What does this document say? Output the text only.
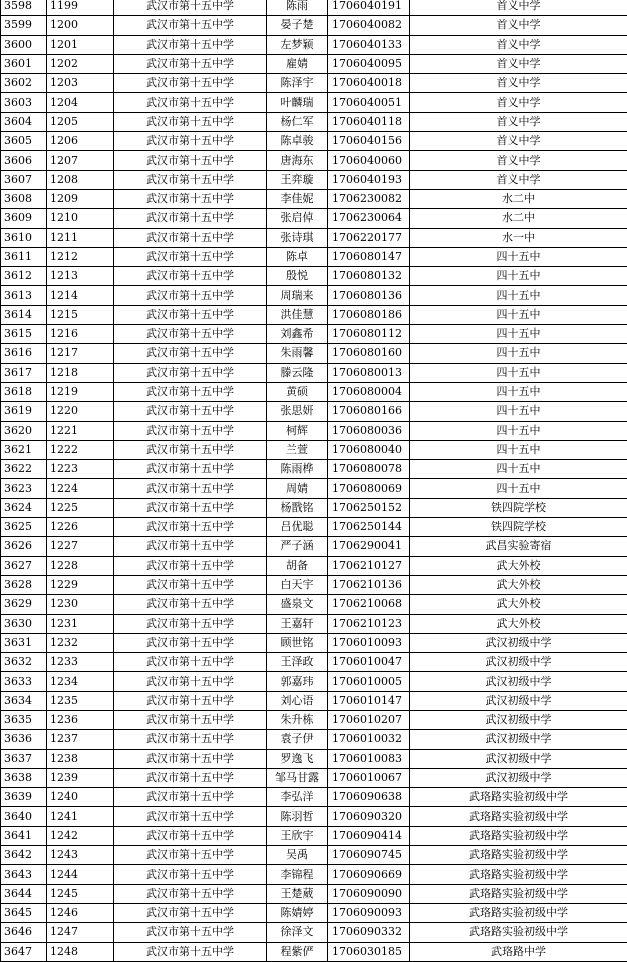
3598	1199	武汉市第十五中学	陈雨	1706040191	首义中学
3599	1200	武汉市第十五中学	晏子楚	1706040082	首义中学
3600	1201	武汉市第十五中学	左梦颖	1706040133	首义中学
3601	1202	武汉市第十五中学	雇婧	1706040095	首义中学
3602	1203	武汉市第十五中学	陈泽宇	1706040018	首义中学
3603	1204	武汉市第十五中学	叶麟瑞	1706040051	首义中学
3604	1205	武汉市第十五中学	杨仁军	1706040118	首义中学
3605	1206	武汉市第十五中学	陈卓骏	1706040156	首义中学
3606	1207	武汉市第十五中学	唐海东	1706040060	首义中学
3607	1208	武汉市第十五中学	王弈璇	1706040193	首义中学
3608	1209	武汉市第十五中学	李佳妮	1706230082	水二中
3609	1210	武汉市第十五中学	张启倬	1706230064	水二中
3610	1211	武汉市第十五中学	张诗琪	1706220177	水一中
3611	1212	武汉市第十五中学	陈卓	1706080147	四十五中
3612	1213	武汉市第十五中学	殷悦	1706080132	四十五中
3613	1214	武汉市第十五中学	周瑞来	1706080136	四十五中
3614	1215	武汉市第十五中学	洪佳慧	1706080186	四十五中
3615	1216	武汉市第十五中学	刘鑫希	1706080112	四十五中
3616	1217	武汉市第十五中学	朱雨馨	1706080160	四十五中
3617	1218	武汉市第十五中学	滕云隆	1706080013	四十五中
3618	1219	武汉市第十五中学	黄硕	1706080004	四十五中
3619	1220	武汉市第十五中学	张思妍	1706080166	四十五中
3620	1221	武汉市第十五中学	柯辉	1706080036	四十五中
3621	1222	武汉市第十五中学	兰萱	1706080040	四十五中
3622	1223	武汉市第十五中学	陈雨桦	1706080078	四十五中
3623	1224	武汉市第十五中学	周婧	1706080069	四十五中
3624	1225	武汉市第十五中学	杨戬铭	1706250152	铁四院学校
3625	1226	武汉市第十五中学	吕优聪	1706250144	铁四院学校
3626	1227	武汉市第十五中学	严子涵	1706290041	武昌实验寄宿
3627	1228	武汉市第十五中学	胡备	1706210127	武大外校
3628	1229	武汉市第十五中学	白天宇	1706210136	武大外校
3629	1230	武汉市第十五中学	盛泉文	1706210068	武大外校
3630	1231	武汉市第十五中学	王嘉轩	1706210123	武大外校
3631	1232	武汉市第十五中学	顾世铭	1706010093	武汉初级中学
3632	1233	武汉市第十五中学	王泽政	1706010047	武汉初级中学
3633	1234	武汉市第十五中学	郭嘉玮	1706010005	武汉初级中学
3634	1235	武汉市第十五中学	刘心语	1706010147	武汉初级中学
3635	1236	武汉市第十五中学	朱升栋	1706010207	武汉初级中学
3636	1237	武汉市第十五中学	袁子伊	1706010032	武汉初级中学
3637	1238	武汉市第十五中学	罗逸飞	1706010083	武汉初级中学
3638	1239	武汉市第十五中学	邹马甘露	1706010067	武汉初级中学
3639	1240	武汉市第十五中学	李弘洋	1706090638	武珞路实验初级中学
3640	1241	武汉市第十五中学	陈羽哲	1706090320	武珞路实验初级中学
3641	1242	武汉市第十五中学	王欣宇	1706090414	武珞路实验初级中学
3642	1243	武汉市第十五中学	吴禹	1706090745	武珞路实验初级中学
3643	1244	武汉市第十五中学	李锦程	1706090669	武珞路实验初级中学
3644	1245	武汉市第十五中学	王楚葳	1706090090	武珞路实验初级中学
3645	1246	武汉市第十五中学	陈婧婷	1706090093	武珞路实验初级中学
3646	1247	武汉市第十五中学	徐泽文	1706090332	武珞路实验初级中学
3647	1248	武汉市第十五中学	程紫俨	1706030185	武珞路中学
